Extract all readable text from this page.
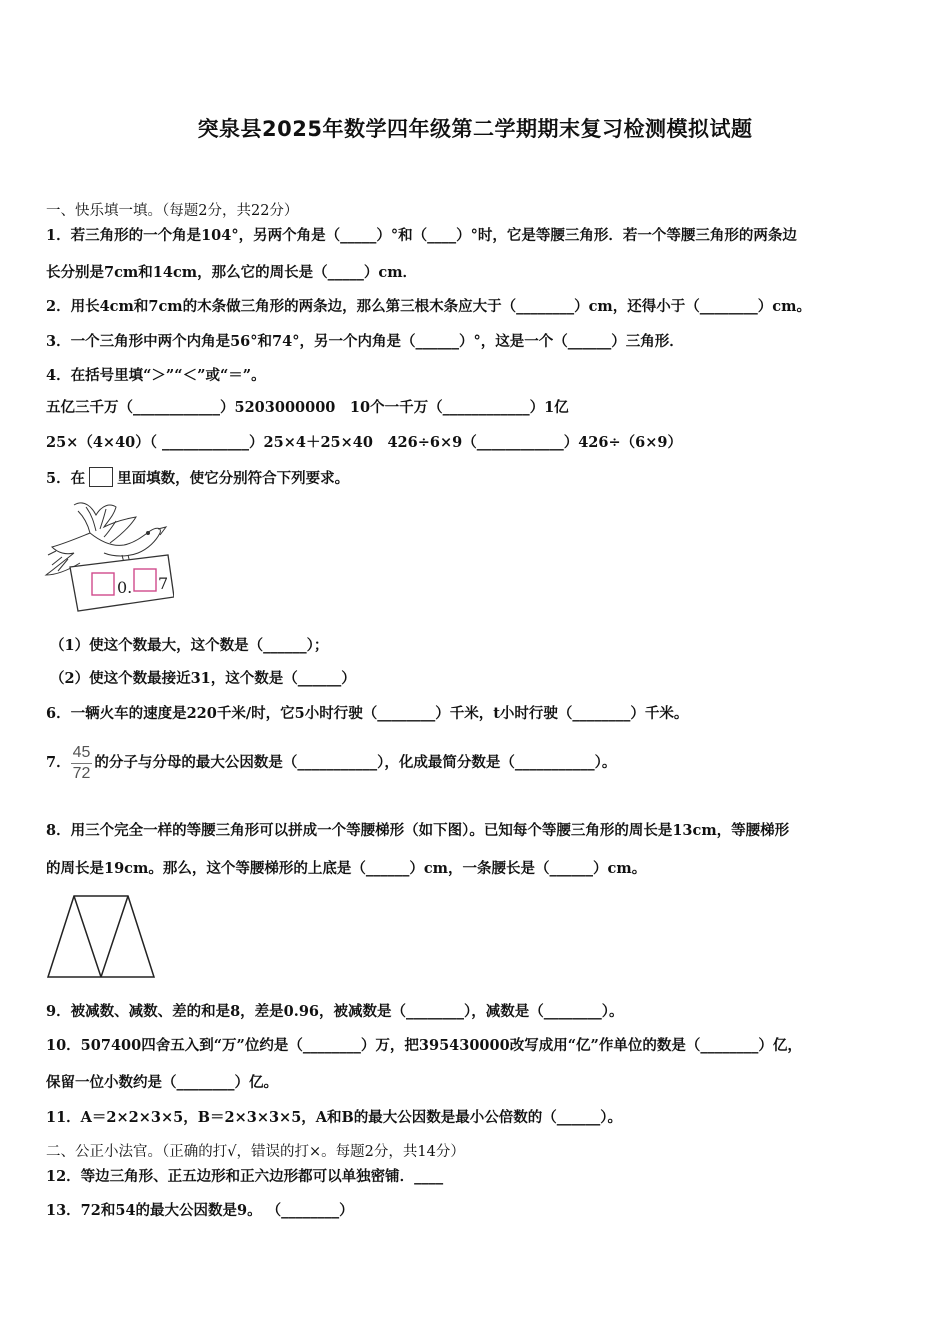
突泉县2025年数学四年级第二学期期末复习检测模拟试题
一、快乐填一填。（每题2分，共22分）
1．若三角形的一个角是104°，另两个角是（_____）°和（____）°时，它是等腰三角形．若一个等腰三角形的两条边
长分别是7cm和14cm，那么它的周长是（_____）cm．
2．用长4cm和7cm的木条做三角形的两条边，那么第三根木条应大于（________）cm，还得小于（________）cm。
3．一个三角形中两个内角是56°和74°，另一个内角是（______）°，这是一个（______）三角形．
4．在括号里填“＞”“＜”或“＝”。
五亿三千万（____________）5203000000　10个一千万（____________）1亿
25×（4×40）（ ____________）25×4＋25×40　426÷6×9（____________）426÷（6×9）
5．在 里面填数，使它分别符合下列要求。
0. 7
（1）使这个数最大，这个数是（______）；
（2）使这个数最接近31，这个数是（______）
6．一辆火车的速度是220千米/时，它5小时行驶（________）千米，t小时行驶（________）千米。
7． $\frac{45}{72}$ 的分子与分母的最大公因数是（___________），化成最简分数是（___________）。
8．用三个完全一样的等腰三角形可以拼成一个等腰梯形（如下图）。已知每个等腰三角形的周长是13cm，等腰梯形
的周长是19cm。那么，这个等腰梯形的上底是（______）cm，一条腰长是（______）cm。
9．被减数、减数、差的和是8，差是0.96，被减数是（________），减数是（________）。
10．507400四舍五入到“万”位约是（________）万，把395430000改写成用“亿”作单位的数是（________）亿，
保留一位小数约是（________）亿。
11．A＝2×2×3×5，B＝2×3×3×5，A和B的最大公因数是最小公倍数的（______）。
二、公正小法官。（正确的打√，错误的打×。每题2分，共14分）
12．等边三角形、正五边形和正六边形都可以单独密铺．____
13．72和54的最大公因数是9。 （________）
